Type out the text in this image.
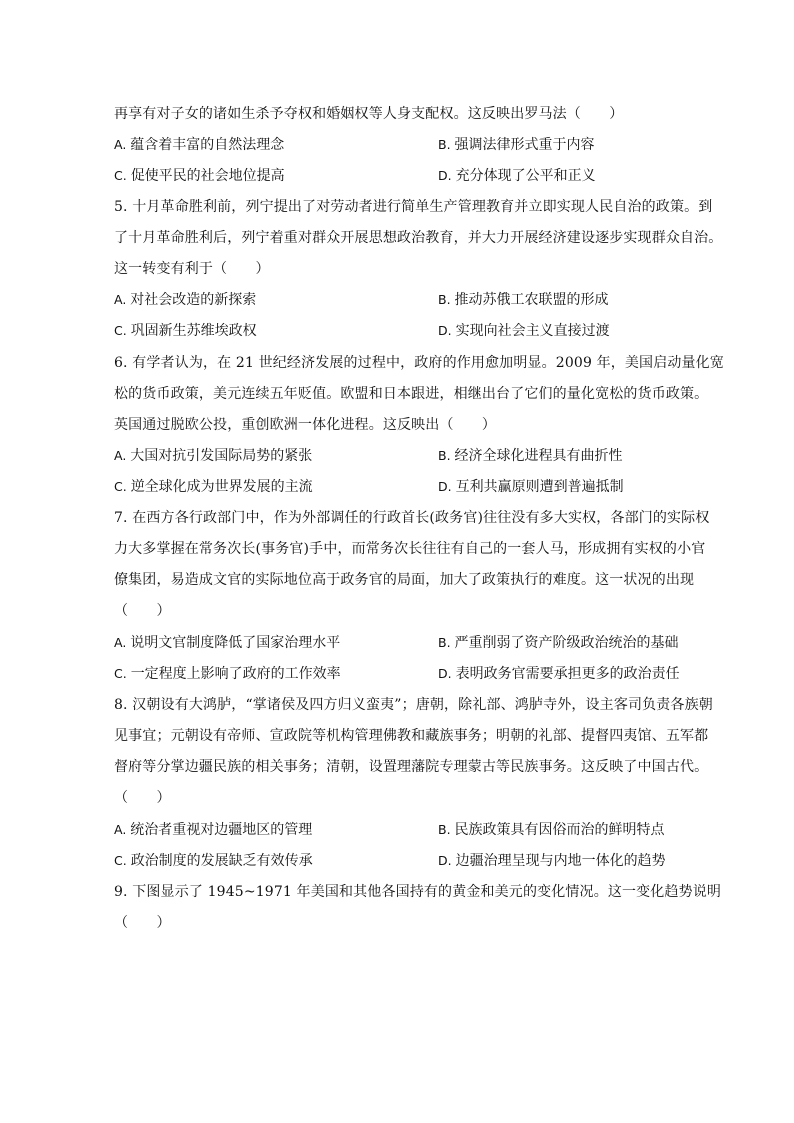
再享有对子女的诸如生杀予夺权和婚姻权等人身支配权。这反映出罗马法（　　）
A. 蕴含着丰富的自然法理念	B. 强调法律形式重于内容
C. 促使平民的社会地位提高	D. 充分体现了公平和正义
5. 十月革命胜利前，列宁提出了对劳动者进行简单生产管理教育并立即实现人民自治的政策。到
了十月革命胜利后，列宁着重对群众开展思想政治教育，并大力开展经济建设逐步实现群众自治。
这一转变有利于（　　）
A. 对社会改造的新探索	B. 推动苏俄工农联盟的形成
C. 巩固新生苏维埃政权	D. 实现向社会主义直接过渡
6. 有学者认为，在 21 世纪经济发展的过程中，政府的作用愈加明显。2009 年，美国启动量化宽
松的货币政策，美元连续五年贬值。欧盟和日本跟进，相继出台了它们的量化宽松的货币政策。
英国通过脱欧公投，重创欧洲一体化进程。这反映出（　　）
A. 大国对抗引发国际局势的紧张	B. 经济全球化进程具有曲折性
C. 逆全球化成为世界发展的主流	D. 互利共赢原则遭到普遍抵制
7. 在西方各行政部门中，作为外部调任的行政首长(政务官)往往没有多大实权，各部门的实际权
力大多掌握在常务次长(事务官)手中，而常务次长往往有自己的一套人马，形成拥有实权的小官
僚集团，易造成文官的实际地位高于政务官的局面，加大了政策执行的难度。这一状况的出现
（　　）
A. 说明文官制度降低了国家治理水平	B. 严重削弱了资产阶级政治统治的基础
C. 一定程度上影响了政府的工作效率	D. 表明政务官需要承担更多的政治责任
8. 汉朝设有大鸿胪，“掌诸侯及四方归义蛮夷”；唐朝，除礼部、鸿胪寺外，设主客司负责各族朝
见事宜；元朝设有帝师、宣政院等机构管理佛教和藏族事务；明朝的礼部、提督四夷馆、五军都
督府等分掌边疆民族的相关事务；清朝，设置理藩院专理蒙古等民族事务。这反映了中国古代。
（　　）
A. 统治者重视对边疆地区的管理	B. 民族政策具有因俗而治的鲜明特点
C. 政治制度的发展缺乏有效传承	D. 边疆治理呈现与内地一体化的趋势
9. 下图显示了 1945~1971 年美国和其他各国持有的黄金和美元的变化情况。这一变化趋势说明
（　　）
